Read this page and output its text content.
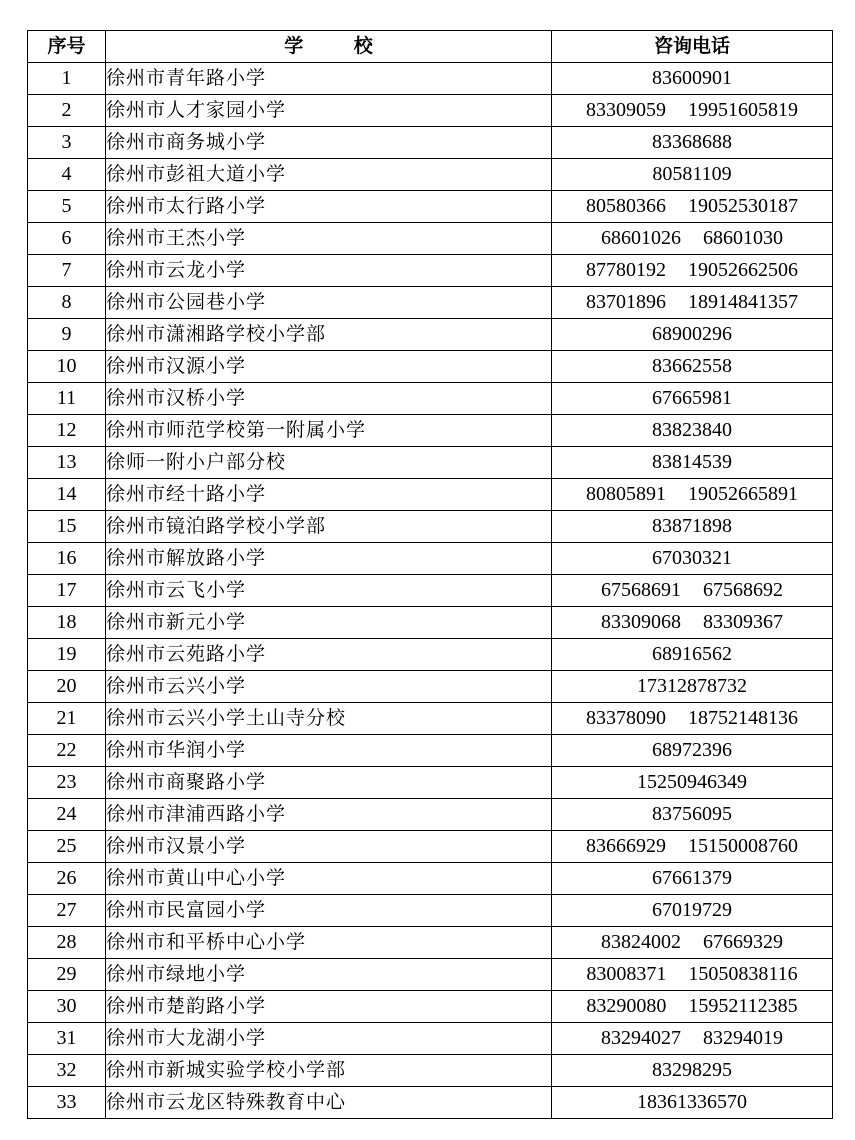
序号	学 校	咨询电话
1	徐州市青年路小学	83600901
2	徐州市人才家园小学	83309059 19951605819
3	徐州市商务城小学	83368688
4	徐州市彭祖大道小学	80581109
5	徐州市太行路小学	80580366 19052530187
6	徐州市王杰小学	68601026 68601030
7	徐州市云龙小学	87780192 19052662506
8	徐州市公园巷小学	83701896 18914841357
9	徐州市潇湘路学校小学部	68900296
10	徐州市汉源小学	83662558
11	徐州市汉桥小学	67665981
12	徐州市师范学校第一附属小学	83823840
13	徐师一附小户部分校	83814539
14	徐州市经十路小学	80805891 19052665891
15	徐州市镜泊路学校小学部	83871898
16	徐州市解放路小学	67030321
17	徐州市云飞小学	67568691 67568692
18	徐州市新元小学	83309068 83309367
19	徐州市云苑路小学	68916562
20	徐州市云兴小学	17312878732
21	徐州市云兴小学土山寺分校	83378090 18752148136
22	徐州市华润小学	68972396
23	徐州市商聚路小学	15250946349
24	徐州市津浦西路小学	83756095
25	徐州市汉景小学	83666929 15150008760
26	徐州市黄山中心小学	67661379
27	徐州市民富园小学	67019729
28	徐州市和平桥中心小学	83824002 67669329
29	徐州市绿地小学	83008371 15050838116
30	徐州市楚韵路小学	83290080 15952112385
31	徐州市大龙湖小学	83294027 83294019
32	徐州市新城实验学校小学部	83298295
33	徐州市云龙区特殊教育中心	18361336570
